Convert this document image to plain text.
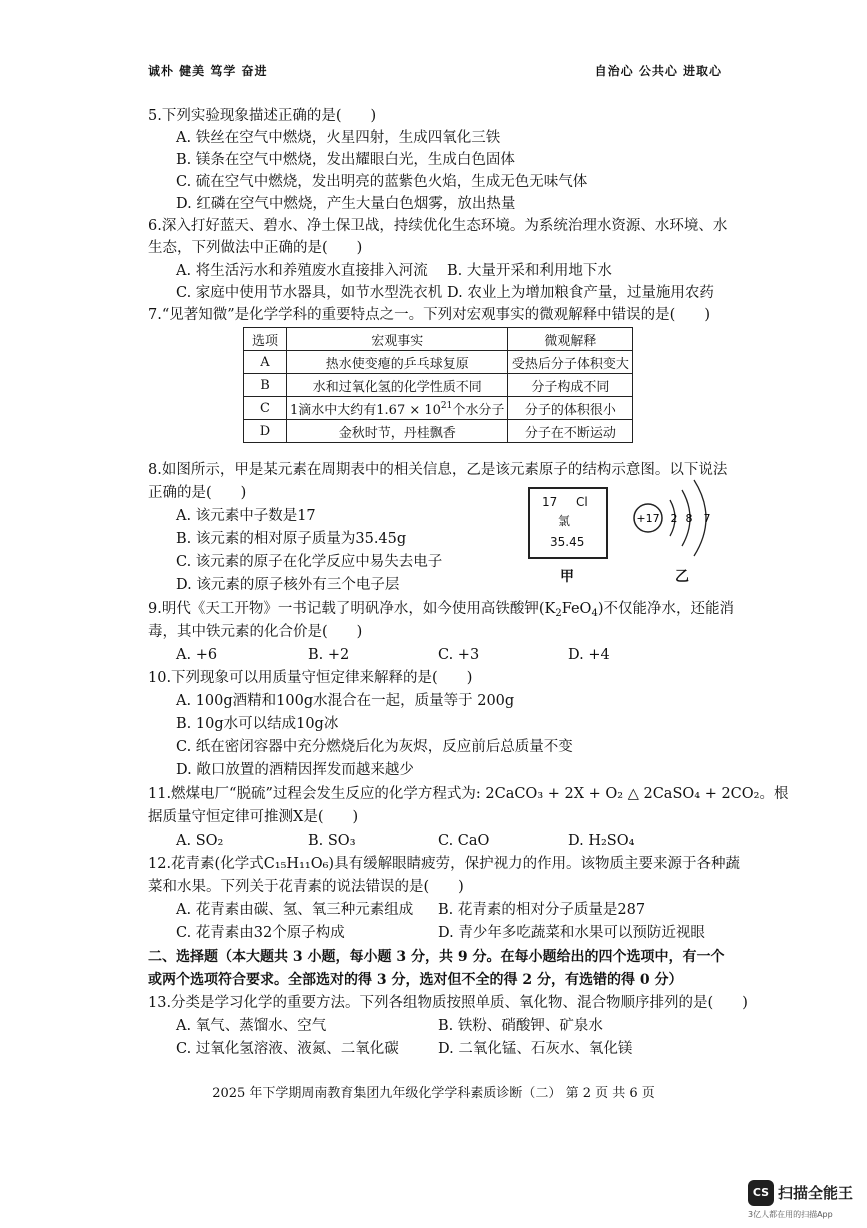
诚朴 健美 笃学 奋进	自治心 公共心 进取心
5.下列实验现象描述正确的是(　　)
A. 铁丝在空气中燃烧，火星四射，生成四氧化三铁
B. 镁条在空气中燃烧，发出耀眼白光，生成白色固体
C. 硫在空气中燃烧，发出明亮的蓝紫色火焰，生成无色无味气体
D. 红磷在空气中燃烧，产生大量白色烟雾，放出热量
6.深入打好蓝天、碧水、净土保卫战，持续优化生态环境。为系统治理水资源、水环境、水
生态，下列做法中正确的是(　　)
A. 将生活污水和养殖废水直接排入河流 B. 大量开采和利用地下水
C. 家庭中使用节水器具，如节水型洗衣机 D. 农业上为增加粮食产量，过量施用农药
7.“见著知微”是化学学科的重要特点之一。下列对宏观事实的微观解释中错误的是(　　)
选项	宏观事实	微观解释
A	热水使变瘪的乒乓球复原	受热后分子体积变大
B	水和过氧化氢的化学性质不同	分子构成不同
C	1滴水中大约有$1.67 \times 10^{21}$个水分子	分子的体积很小
D	金秋时节，丹桂飘香	分子在不断运动
8.如图所示，甲是某元素在周期表中的相关信息，乙是该元素原子的结构示意图。以下说法
正确的是(　　)
A. 该元素中子数是17
B. 该元素的相对原子质量为35.45g
C. 该元素的原子在化学反应中易失去电子
D. 该元素的原子核外有三个电子层
17 Cl
氯
35.45
+17 2 8 7
甲	乙
9.明代《天工开物》一书记载了明矾净水，如今使用高铁酸钾$(K_2FeO_4)$不仅能净水，还能消
毒，其中铁元素的化合价是(　　)
A. +6	B. +2	C. +3	D. +4
10.下列现象可以用质量守恒定律来解释的是(　　)
A. 100g酒精和100g水混合在一起，质量等于 200g
B. 10g水可以结成10g冰
C. 纸在密闭容器中充分燃烧后化为灰烬，反应前后总质量不变
D. 敞口放置的酒精因挥发而越来越少
11.燃煤电厂“脱硫”过程会发生反应的化学方程式为: 2CaCO₃ + 2X + O₂ △ 2CaSO₄ + 2CO₂。根
据质量守恒定律可推测X是(　　)
A. SO₂	B. SO₃	C. CaO	D. H₂SO₄
12.花青素(化学式C₁₅H₁₁O₆)具有缓解眼睛疲劳，保护视力的作用。该物质主要来源于各种蔬
菜和水果。下列关于花青素的说法错误的是(　　)
A. 花青素由碳、氢、氧三种元素组成 B. 花青素的相对分子质量是287
C. 花青素由32个原子构成	D. 青少年多吃蔬菜和水果可以预防近视眼
二、选择题（本大题共 3 小题，每小题 3 分，共 9 分。在每小题给出的四个选项中，有一个
或两个选项符合要求。全部选对的得 3 分，选对但不全的得 2 分，有选错的得 0 分）
13.分类是学习化学的重要方法。下列各组物质按照单质、氧化物、混合物顺序排列的是(　　)
A. 氧气、蒸馏水、空气	B. 铁粉、硝酸钾、矿泉水
C. 过氧化氢溶液、液氮、二氧化碳	D. 二氧化锰、石灰水、氧化镁
2025 年下学期周南教育集团九年级化学学科素质诊断（二） 第 2 页 共 6 页
CS 扫描全能王
3亿人都在用的扫描App
